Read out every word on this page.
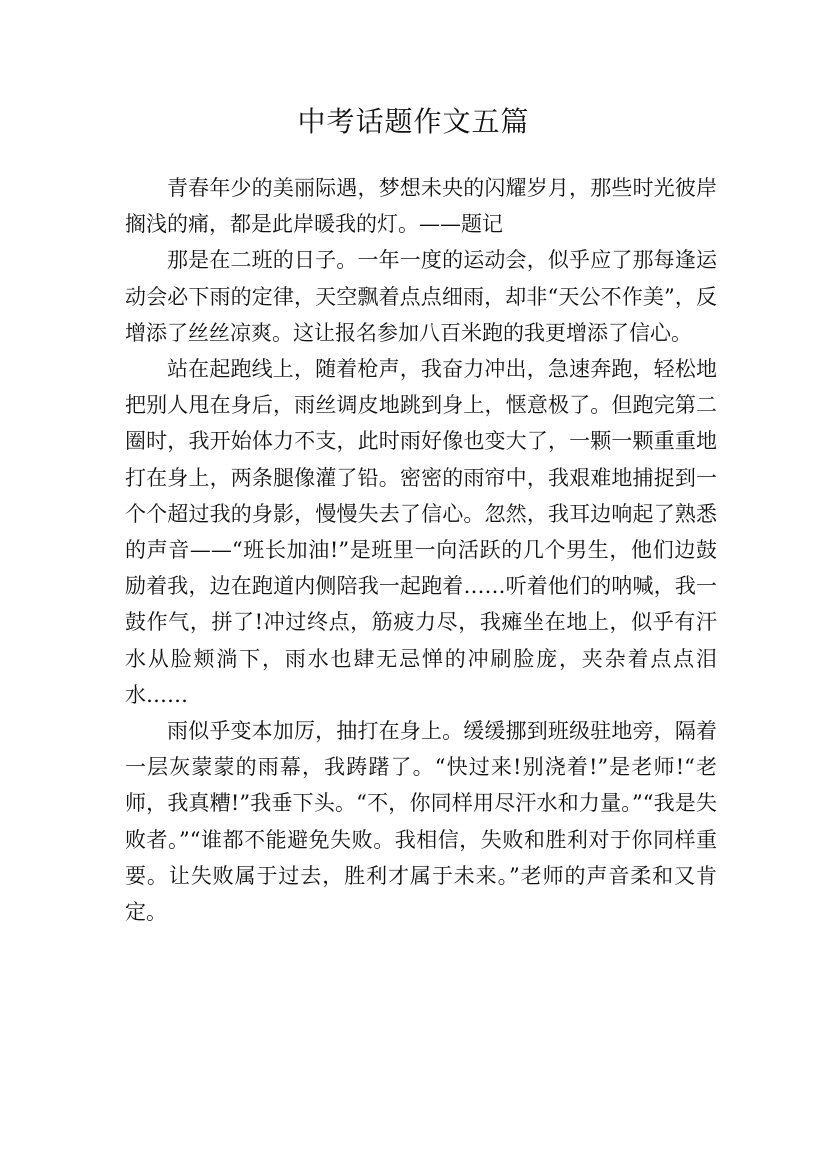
中考话题作文五篇

青春年少的美丽际遇，梦想未央的闪耀岁月，那些时光彼岸搁浅的痛，都是此岸暖我的灯。——题记

那是在二班的日子。一年一度的运动会，似乎应了那每逢运动会必下雨的定律，天空飘着点点细雨，却非“天公不作美”，反增添了丝丝凉爽。这让报名参加八百米跑的我更增添了信心。

站在起跑线上，随着枪声，我奋力冲出，急速奔跑，轻松地把别人甩在身后，雨丝调皮地跳到身上，惬意极了。但跑完第二圈时，我开始体力不支，此时雨好像也变大了，一颗一颗重重地打在身上，两条腿像灌了铅。密密的雨帘中，我艰难地捕捉到一个个超过我的身影，慢慢失去了信心。忽然，我耳边响起了熟悉的声音——“班长加油!”是班里一向活跃的几个男生，他们边鼓励着我，边在跑道内侧陪我一起跑着……听着他们的呐喊，我一鼓作气，拼了!冲过终点，筋疲力尽，我瘫坐在地上，似乎有汗水从脸颊淌下，雨水也肆无忌惮的冲刷脸庞，夹杂着点点泪水……

雨似乎变本加厉，抽打在身上。缓缓挪到班级驻地旁，隔着一层灰蒙蒙的雨幕，我踌躇了。“快过来!别浇着!”是老师!“老师，我真糟!”我垂下头。“不，你同样用尽汗水和力量。”“我是失败者。”“谁都不能避免失败。我相信，失败和胜利对于你同样重要。让失败属于过去，胜利才属于未来。”老师的声音柔和又肯定。
